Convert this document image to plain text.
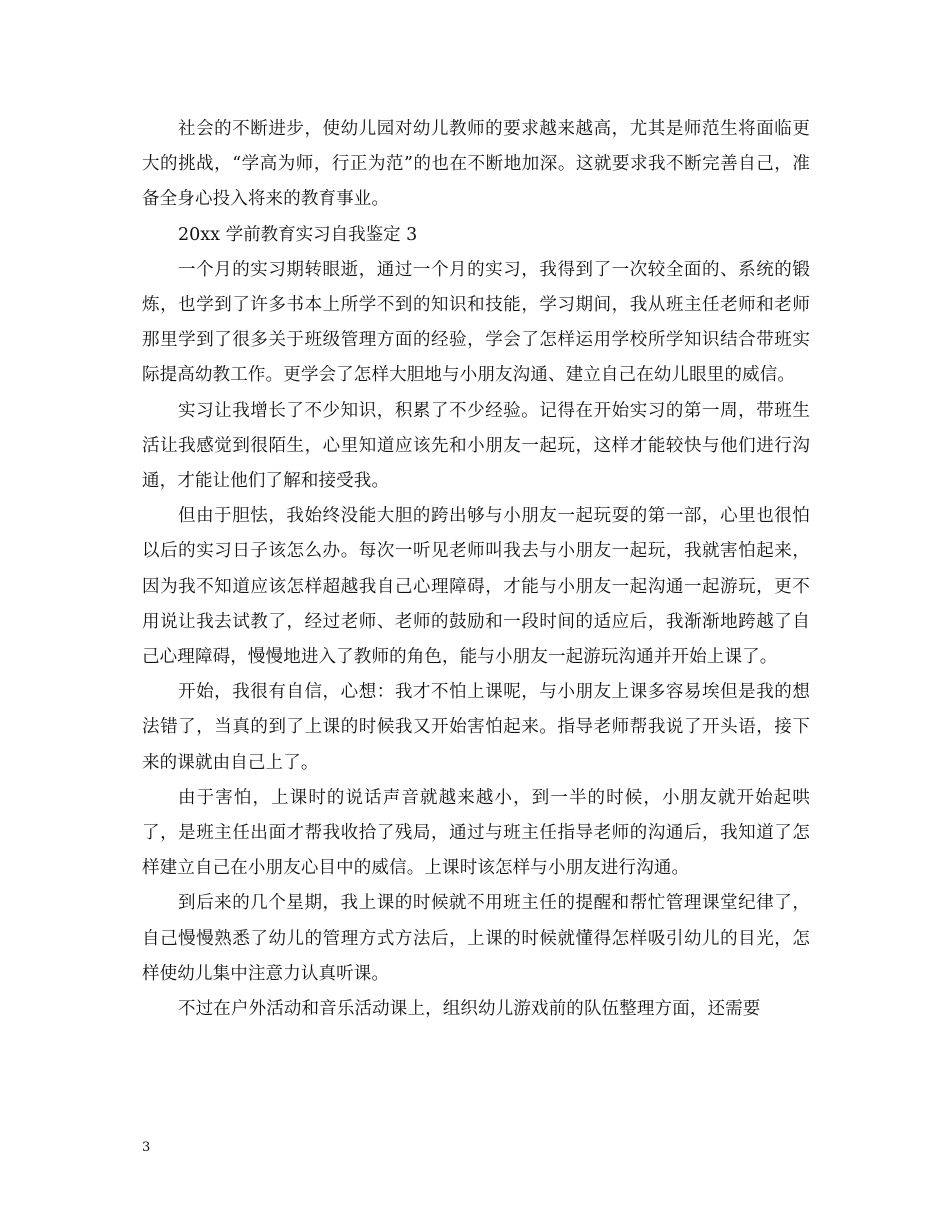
社会的不断进步，使幼儿园对幼儿教师的要求越来越高，尤其是师范生将面临更大的挑战，“学高为师，行正为范”的也在不断地加深。这就要求我不断完善自己，准备全身心投入将来的教育事业。

20xx 学前教育实习自我鉴定 3

一个月的实习期转眼逝，通过一个月的实习，我得到了一次较全面的、系统的锻炼，也学到了许多书本上所学不到的知识和技能，学习期间，我从班主任老师和老师那里学到了很多关于班级管理方面的经验，学会了怎样运用学校所学知识结合带班实际提高幼教工作。更学会了怎样大胆地与小朋友沟通、建立自己在幼儿眼里的威信。

实习让我增长了不少知识，积累了不少经验。记得在开始实习的第一周，带班生活让我感觉到很陌生，心里知道应该先和小朋友一起玩，这样才能较快与他们进行沟通，才能让他们了解和接受我。

但由于胆怯，我始终没能大胆的跨出够与小朋友一起玩耍的第一部，心里也很怕以后的实习日子该怎么办。每次一听见老师叫我去与小朋友一起玩，我就害怕起来，因为我不知道应该怎样超越我自己心理障碍，才能与小朋友一起沟通一起游玩，更不用说让我去试教了，经过老师、老师的鼓励和一段时间的适应后，我渐渐地跨越了自己心理障碍，慢慢地进入了教师的角色，能与小朋友一起游玩沟通并开始上课了。

开始，我很有自信，心想：我才不怕上课呢，与小朋友上课多容易埃但是我的想法错了，当真的到了上课的时候我又开始害怕起来。指导老师帮我说了开头语，接下来的课就由自己上了。

由于害怕，上课时的说话声音就越来越小，到一半的时候，小朋友就开始起哄了，是班主任出面才帮我收拾了残局，通过与班主任指导老师的沟通后，我知道了怎样建立自己在小朋友心目中的威信。上课时该怎样与小朋友进行沟通。

到后来的几个星期，我上课的时候就不用班主任的提醒和帮忙管理课堂纪律了，自己慢慢熟悉了幼儿的管理方式方法后，上课的时候就懂得怎样吸引幼儿的目光，怎样使幼儿集中注意力认真听课。

不过在户外活动和音乐活动课上，组织幼儿游戏前的队伍整理方面，还需要

3
